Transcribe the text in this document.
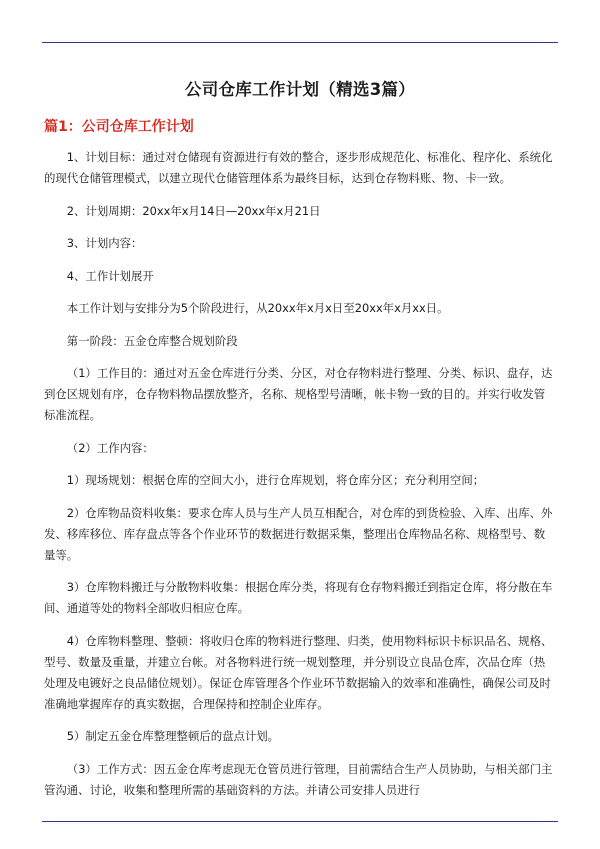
公司仓库工作计划（精选3篇）
篇1：公司仓库工作计划

1、计划目标：通过对仓储现有资源进行有效的整合，逐步形成规范化、标准化、程序化、系统化的现代仓储管理模式，以建立现代仓储管理体系为最终目标，达到仓存物料账、物、卡一致。

2、计划周期：20xx年x月14日—20xx年x月21日

3、计划内容：

4、工作计划展开

本工作计划与安排分为5个阶段进行，从20xx年x月x日至20xx年x月xx日。

第一阶段：五金仓库整合规划阶段

（1）工作目的：通过对五金仓库进行分类、分区，对仓存物料进行整理、分类、标识、盘存，达到仓区规划有序，仓存物料物品摆放整齐，名称、规格型号清晰，帐卡物一致的目的。并实行收发管标准流程。

（2）工作内容：

1）现场规划：根据仓库的空间大小，进行仓库规划，将仓库分区；充分利用空间；

2）仓库物品资料收集：要求仓库人员与生产人员互相配合，对仓库的到货检验、入库、出库、外发、移库移位、库存盘点等各个作业环节的数据进行数据采集，整理出仓库物品名称、规格型号、数量等。

3）仓库物料搬迁与分散物料收集：根据仓库分类，将现有仓存物料搬迁到指定仓库，将分散在车间、通道等处的物料全部收归相应仓库。

4）仓库物料整理、整顿：将收归仓库的物料进行整理、归类，使用物料标识卡标识品名、规格、型号、数量及重量，并建立台帐。对各物料进行统一规划整理，并分别设立良品仓库，次品仓库（热处理及电镀好之良品储位规划）。保证仓库管理各个作业环节数据输入的效率和准确性，确保公司及时准确地掌握库存的真实数据，合理保持和控制企业库存。

5）制定五金仓库整理整顿后的盘点计划。

（3）工作方式：因五金仓库考虑现无仓管员进行管理，目前需结合生产人员协助，与相关部门主管沟通、讨论，收集和整理所需的基础资料的方法。并请公司安排人员进行
